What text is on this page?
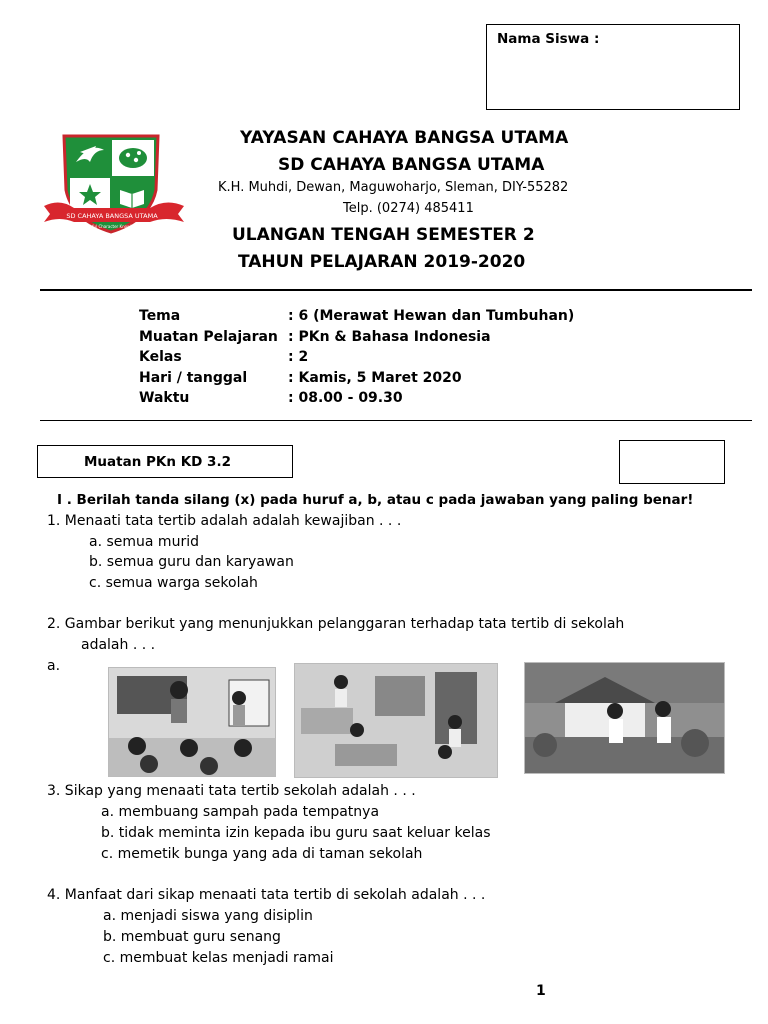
Nama Siswa :
SD CAHAYA BANGSA UTAMA
Faithful Character Knowledge
YAYASAN CAHAYA BANGSA UTAMA
SD CAHAYA BANGSA UTAMA
K.H. Muhdi, Dewan, Maguwoharjo, Sleman, DIY-55282
Telp. (0274) 485411
ULANGAN TENGAH SEMESTER 2
TAHUN PELAJARAN 2019-2020
Tema	: 6 (Merawat Hewan dan Tumbuhan)
Muatan Pelajaran : PKn & Bahasa Indonesia
Kelas	: 2
Hari / tanggal	: Kamis, 5 Maret 2020
Waktu	: 08.00 - 09.30
Muatan PKn KD 3.2
I . Berilah tanda silang (x) pada huruf a, b, atau c pada jawaban yang paling benar!
1. Menaati tata tertib adalah adalah kewajiban . . .
a. semua murid
b. semua guru dan karyawan
c. semua warga sekolah
2. Gambar berikut yang menunjukkan pelanggaran terhadap tata tertib di sekolah
adalah . . .
a.
3. Sikap yang menaati tata tertib sekolah adalah . . .
a. membuang sampah pada tempatnya
b. tidak meminta izin kepada ibu guru saat keluar kelas
c. memetik bunga yang ada di taman sekolah
4. Manfaat dari sikap menaati tata tertib di sekolah adalah . . .
a. menjadi siswa yang disiplin
b. membuat guru senang
c. membuat kelas menjadi ramai
1
